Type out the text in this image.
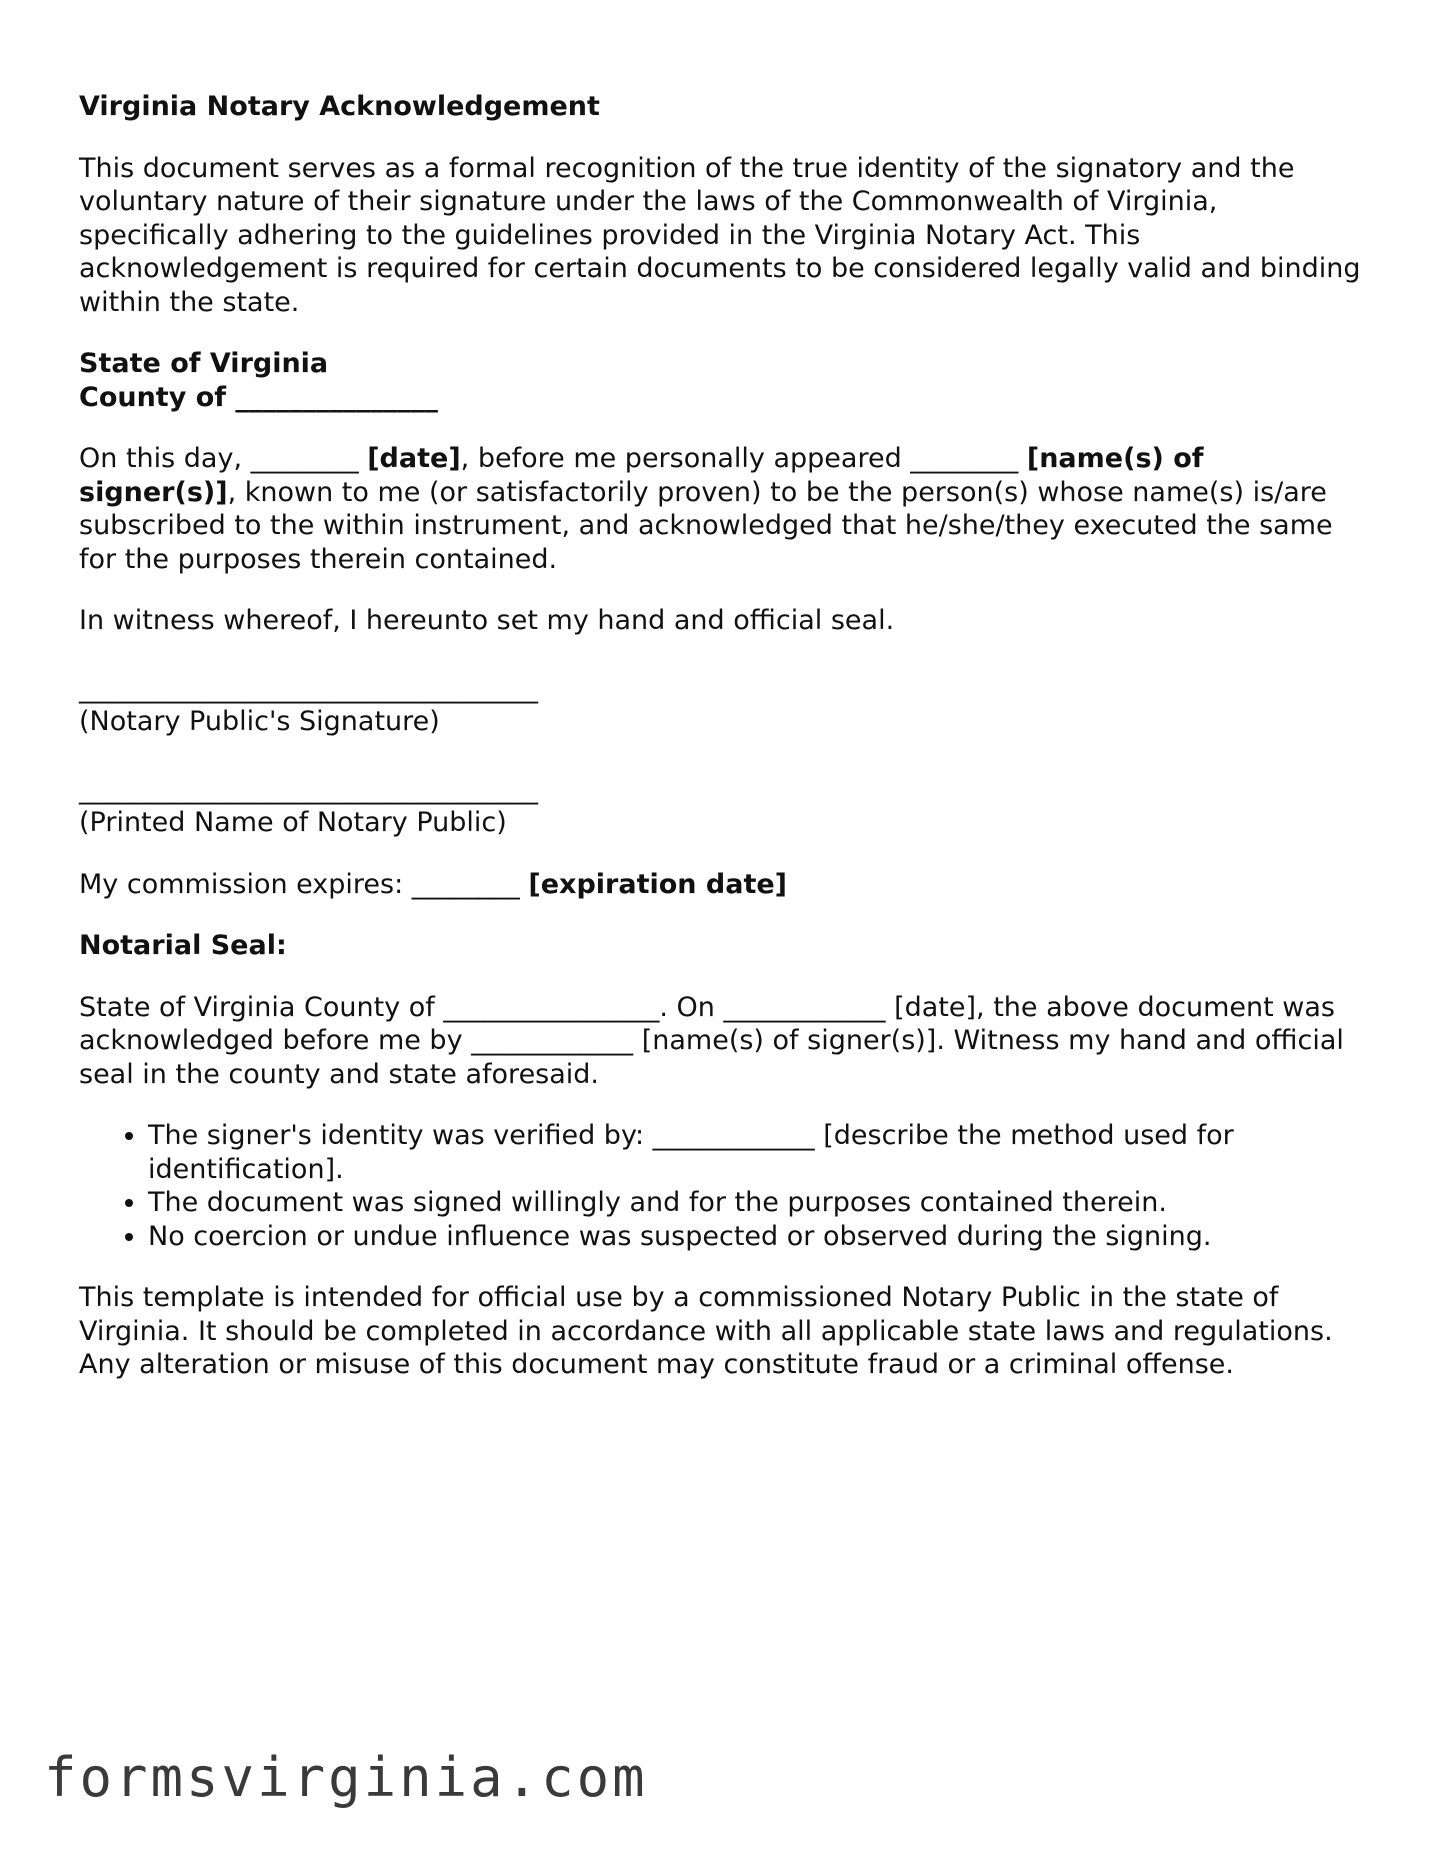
Virginia Notary Acknowledgement

This document serves as a formal recognition of the true identity of the signatory and the voluntary nature of their signature under the laws of the Commonwealth of Virginia, specifically adhering to the guidelines provided in the Virginia Notary Act. This acknowledgement is required for certain documents to be considered legally valid and binding within the state.

State of Virginia
County of _______________

On this day, ________ [date], before me personally appeared ________ [name(s) of signer(s)], known to me (or satisfactorily proven) to be the person(s) whose name(s) is/are subscribed to the within instrument, and acknowledged that he/she/they executed the same for the purposes therein contained.

In witness whereof, I hereunto set my hand and official seal.

__________________________________
(Notary Public's Signature)
__________________________________
(Printed Name of Notary Public)

My commission expires: ________ [expiration date]

Notarial Seal:

State of Virginia County of ________________. On ____________ [date], the above document was acknowledged before me by ____________ [name(s) of signer(s)]. Witness my hand and official seal in the county and state aforesaid.

• The signer's identity was verified by: ____________ [describe the method used for identification].
• The document was signed willingly and for the purposes contained therein.
• No coercion or undue influence was suspected or observed during the signing.

This template is intended for official use by a commissioned Notary Public in the state of Virginia. It should be completed in accordance with all applicable state laws and regulations. Any alteration or misuse of this document may constitute fraud or a criminal offense.

formsvirginia.com
